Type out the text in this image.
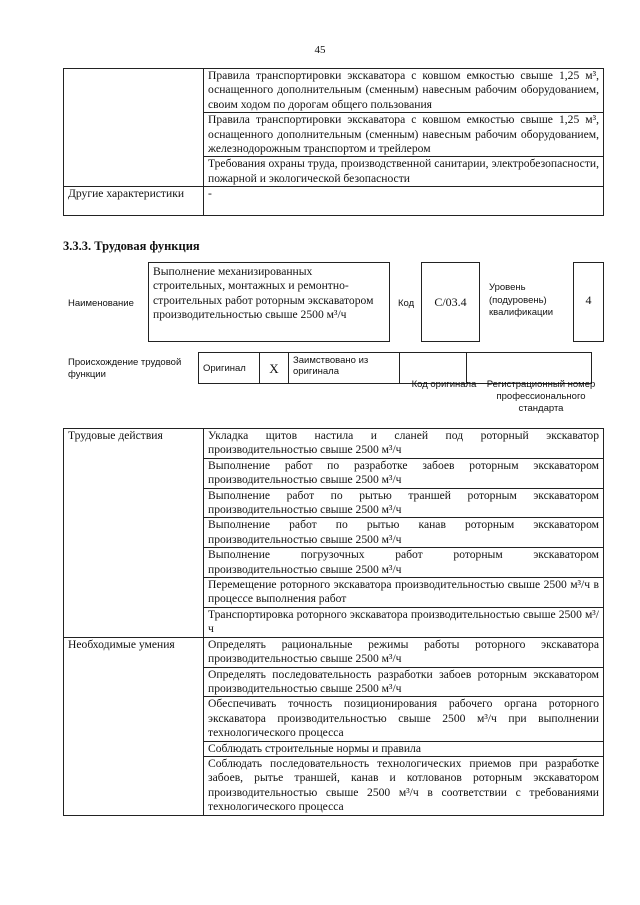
45
	Правила транспортировки экскаватора с ковшом емкостью свыше 1,25 м³, оснащенного дополнительным (сменным) навесным рабочим оборудованием, своим ходом по дорогам общего пользования
	Правила транспортировки экскаватора с ковшом емкостью свыше 1,25 м³, оснащенного дополнительным (сменным) навесным рабочим оборудованием, железнодорожным транспортом и трейлером
	Требования охраны труда, производственной санитарии, электробезопасности, пожарной и экологической безопасности
Другие характеристики	-
3.3.3. Трудовая функция
Наименование
Выполнение механизированных строительных, монтажных и ремонтно-строительных работ роторным экскаватором производительностью свыше 2500 м³/ч
Код	С/03.4
Уровень (подуровень) квалификации
4
Происхождение трудовой функции
Оригинал	X	Заимствовано из оригинала		
Код оригинала	Регистрационный номер профессионального стандарта
Трудовые действия	Укладка щитов настила и сланей под роторный экскаватор производительностью свыше 2500 м³/ч
	Выполнение работ по разработке забоев роторным экскаватором производительностью свыше 2500 м³/ч
	Выполнение работ по рытью траншей роторным экскаватором производительностью свыше 2500 м³/ч
	Выполнение работ по рытью канав роторным экскаватором производительностью свыше 2500 м³/ч
	Выполнение погрузочных работ роторным экскаватором производительностью свыше 2500 м³/ч
	Перемещение роторного экскаватора производительностью свыше 2500 м³/ч в процессе выполнения работ
	Транспортировка роторного экскаватора производительностью свыше 2500 м³/ч
Необходимые умения	Определять рациональные режимы работы роторного экскаватора производительностью свыше 2500 м³/ч
	Определять последовательность разработки забоев роторным экскаватором производительностью свыше 2500 м³/ч
	Обеспечивать точность позиционирования рабочего органа роторного экскаватора производительностью свыше 2500 м³/ч при выполнении технологического процесса
	Соблюдать строительные нормы и правила
	Соблюдать последовательность технологических приемов при разработке забоев, рытье траншей, канав и котлованов роторным экскаватором производительностью свыше 2500 м³/ч в соответствии с требованиями технологического процесса
